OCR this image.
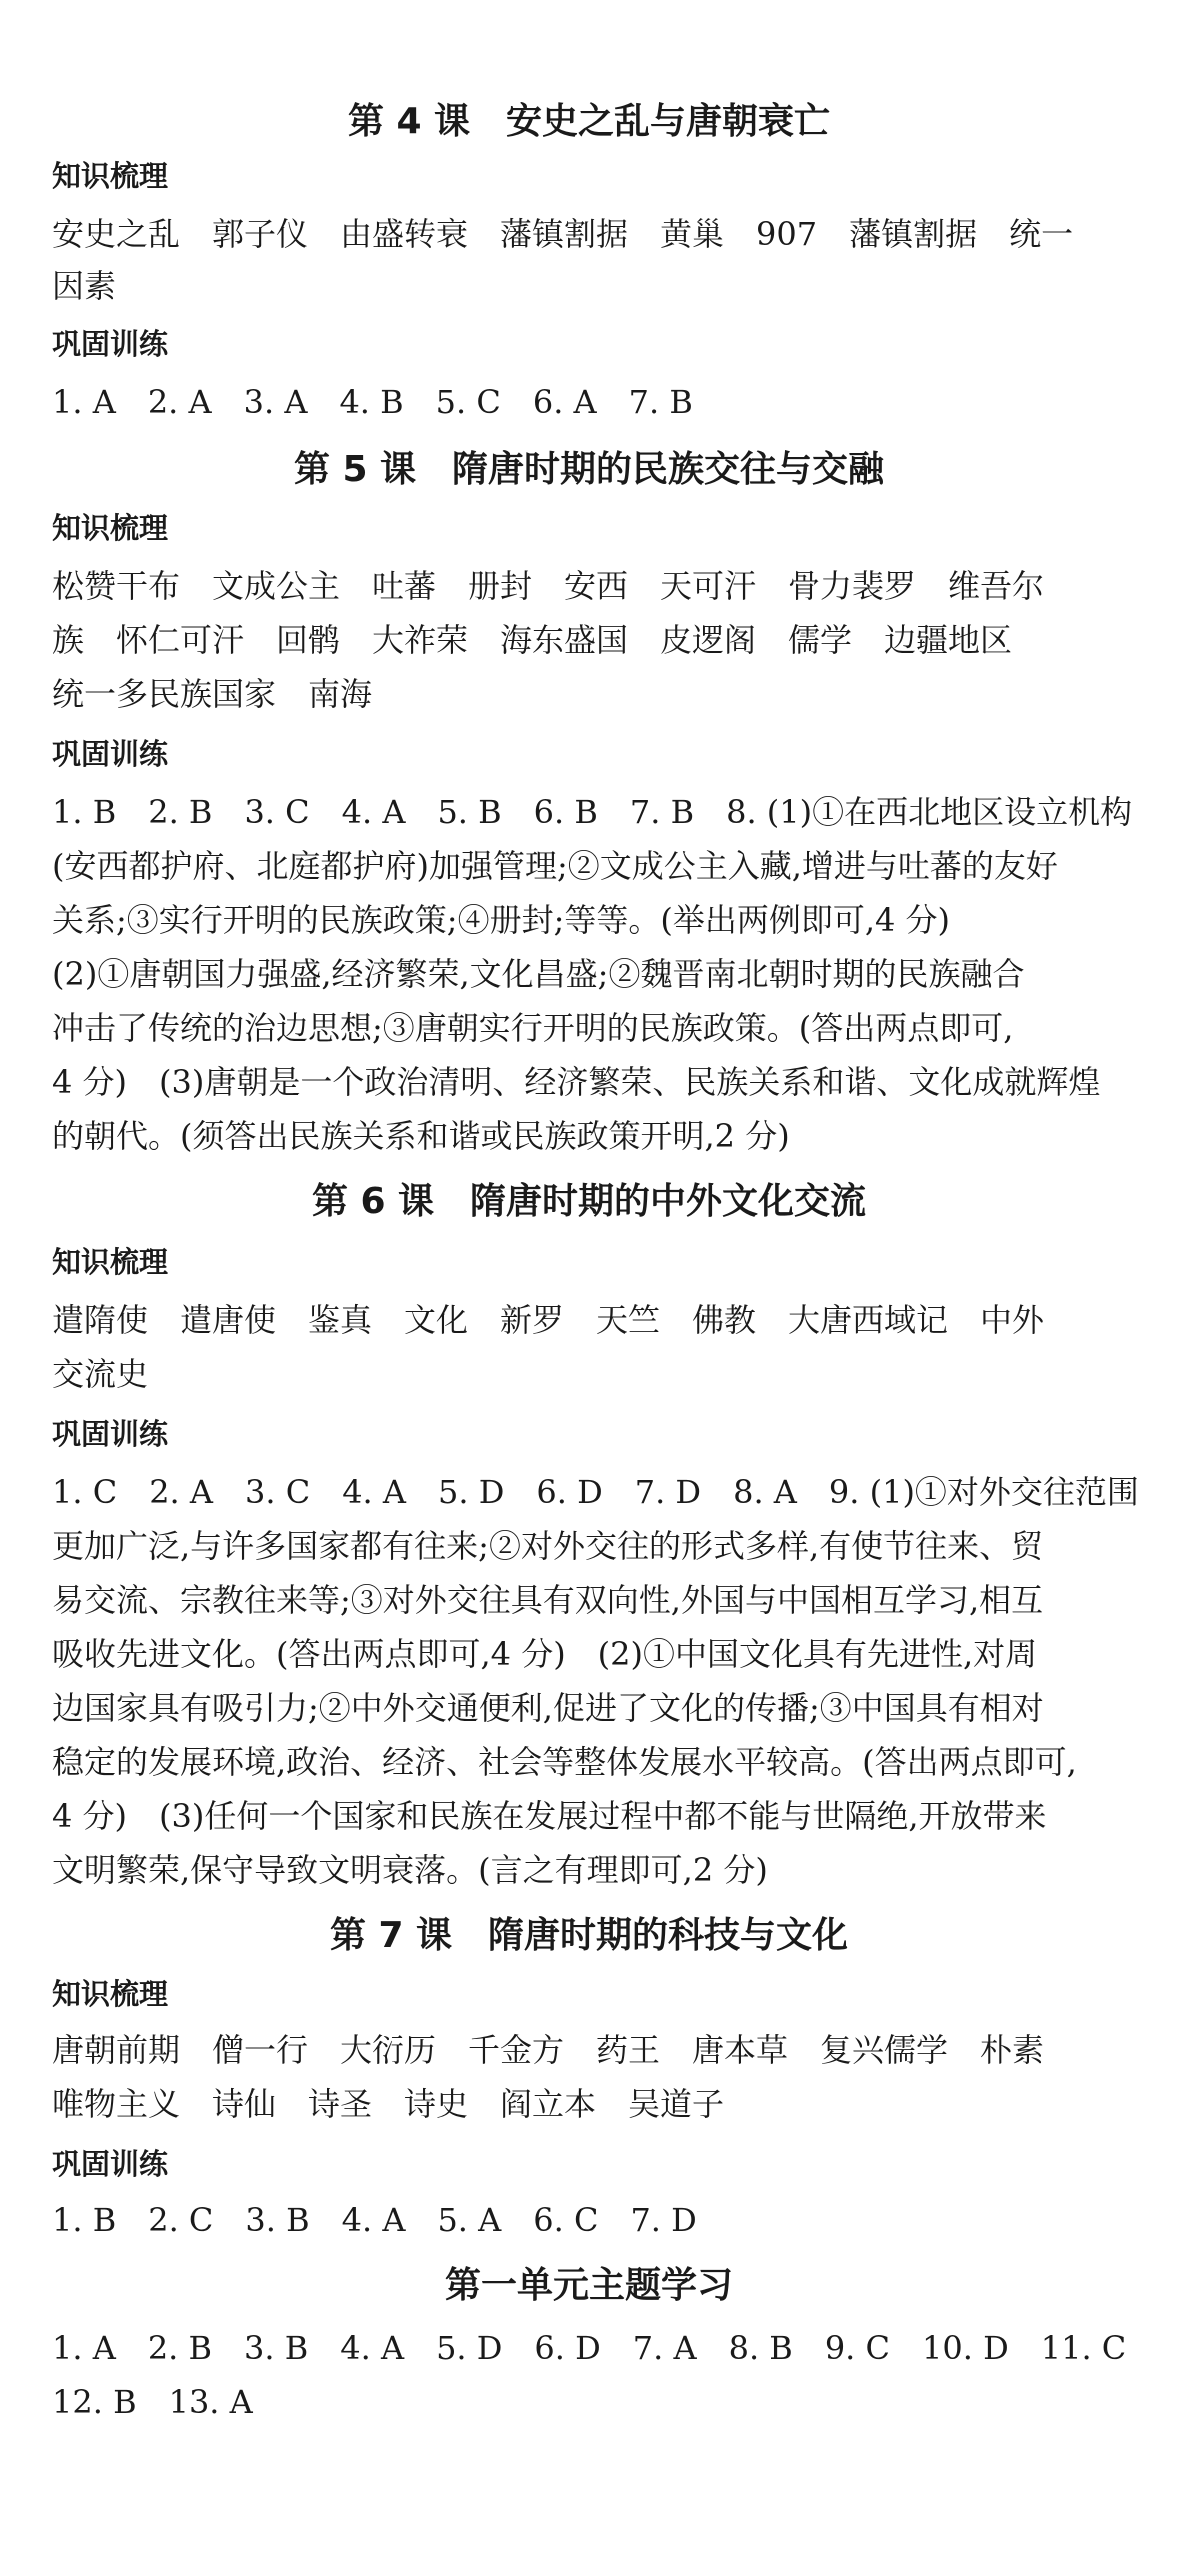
第 4 课　安史之乱与唐朝衰亡
知识梳理
安史之乱　郭子仪　由盛转衰　藩镇割据　黄巢　907　藩镇割据　统一
因素
巩固训练
1. A　2. A　3. A　4. B　5. C　6. A　7. B
第 5 课　隋唐时期的民族交往与交融
知识梳理
松赞干布　文成公主　吐蕃　册封　安西　天可汗　骨力裴罗　维吾尔
族　怀仁可汗　回鹘　大祚荣　海东盛国　皮逻阁　儒学　边疆地区
统一多民族国家　南海
巩固训练
1. B　2. B　3. C　4. A　5. B　6. B　7. B　8. (1)①在西北地区设立机构
(安西都护府、北庭都护府)加强管理;②文成公主入藏,增进与吐蕃的友好
关系;③实行开明的民族政策;④册封;等等。(举出两例即可,4 分)
(2)①唐朝国力强盛,经济繁荣,文化昌盛;②魏晋南北朝时期的民族融合
冲击了传统的治边思想;③唐朝实行开明的民族政策。(答出两点即可,
4 分)　(3)唐朝是一个政治清明、经济繁荣、民族关系和谐、文化成就辉煌
的朝代。(须答出民族关系和谐或民族政策开明,2 分)
第 6 课　隋唐时期的中外文化交流
知识梳理
遣隋使　遣唐使　鉴真　文化　新罗　天竺　佛教　大唐西域记　中外
交流史
巩固训练
1. C　2. A　3. C　4. A　5. D　6. D　7. D　8. A　9. (1)①对外交往范围
更加广泛,与许多国家都有往来;②对外交往的形式多样,有使节往来、贸
易交流、宗教往来等;③对外交往具有双向性,外国与中国相互学习,相互
吸收先进文化。(答出两点即可,4 分)　(2)①中国文化具有先进性,对周
边国家具有吸引力;②中外交通便利,促进了文化的传播;③中国具有相对
稳定的发展环境,政治、经济、社会等整体发展水平较高。(答出两点即可,
4 分)　(3)任何一个国家和民族在发展过程中都不能与世隔绝,开放带来
文明繁荣,保守导致文明衰落。(言之有理即可,2 分)
第 7 课　隋唐时期的科技与文化
知识梳理
唐朝前期　僧一行　大衍历　千金方　药王　唐本草　复兴儒学　朴素
唯物主义　诗仙　诗圣　诗史　阎立本　吴道子
巩固训练
1. B　2. C　3. B　4. A　5. A　6. C　7. D
第一单元主题学习
1. A　2. B　3. B　4. A　5. D　6. D　7. A　8. B　9. C　10. D　11. C
12. B　13. A
